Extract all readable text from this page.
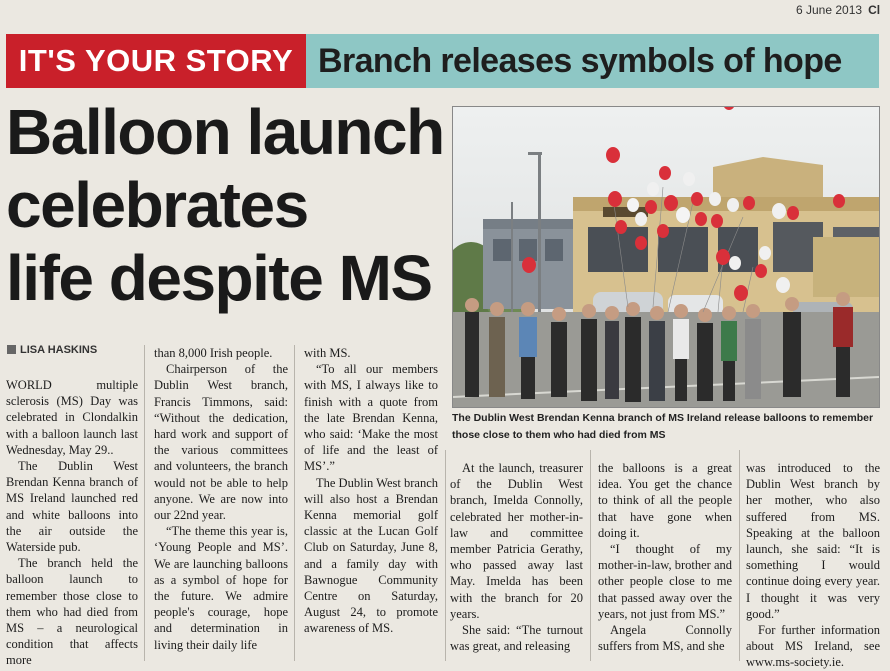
6 June 2013 Cl
IT'S YOUR STORY Branch releases symbols of hope
Balloon launch
celebrates
life despite MS
The Dublin West Brendan Kenna branch of MS Ireland release balloons to remember
those close to them who had died from MS
LISA HASKINS

WORLD multiple sclerosis (MS) Day was celebrated in Clondalkin with a balloon launch last Wednesday, May 29..

The Dublin West Brendan Kenna branch of MS Ireland launched red and white balloons into the air outside the Waterside pub.

The branch held the balloon launch to remember those close to them who had died from MS – a neurological condition that affects more

than 8,000 Irish people.

Chairperson of the Dublin West branch, Francis Timmons, said: “Without the dedication, hard work and support of the various committees and volunteers, the branch would not be able to help anyone. We are now into our 22nd year.

“The theme this year is, ‘Young People and MS’. We are launching balloons as a symbol of hope for the future. We admire people's courage, hope and determination in living their daily life

with MS.

“To all our members with MS, I always like to finish with a quote from the late Brendan Kenna, who said: ‘Make the most of life and the least of MS’.”

The Dublin West branch will also host a Brendan Kenna memorial golf classic at the Lucan Golf Club on Saturday, June 8, and a family day with Bawnogue Community Centre on Saturday, August 24, to promote awareness of MS.

At the launch, treasurer of the Dublin West branch, Imelda Connolly, celebrated her mother-in-law and committee member Patricia Gerathy, who passed away last May. Imelda has been with the branch for 20 years.

She said: “The turnout was great, and releasing

the balloons is a great idea. You get the chance to think of all the people that have gone when doing it.

“I thought of my mother-in-law, brother and other people close to me that passed away over the years, not just from MS.”

Angela Connolly suffers from MS, and she

was introduced to the Dublin West branch by her mother, who also suffered from MS. Speaking at the balloon launch, she said: “It is something I would continue doing every year. I thought it was very good.”

For further information about MS Ireland, see www.ms-society.ie.
